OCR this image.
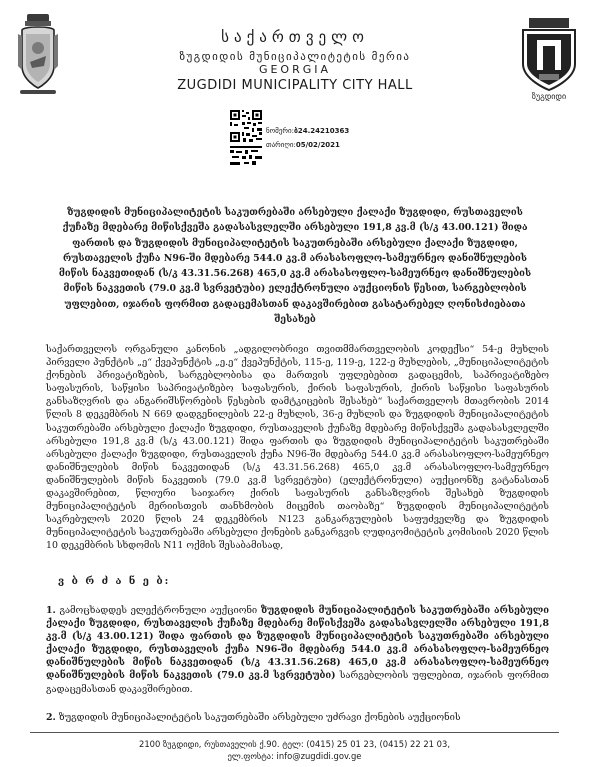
საქართველო
ზუგდიდის მუნიციპალიტეტის მერია
GEORGIA
ZUGDIDI MUNICIPALITY CITY HALL
ზუგდიდი
ნომერი:ბ24.24210363
თარიღი:05/02/2021
ზუგდიდის მუნიციპალიტეტის საკუთრებაში არსებული ქალაქი ზუგდიდი, რუსთაველის ქუჩაზე მდებარე მიწისქვეშა გადასასვლელში არსებული 191,8 კვ.მ (ს/კ 43.00.121) შიდა ფართის და ზუგდიდის მუნიციპალიტეტის საკუთრებაში არსებული ქალაქი ზუგდიდი, რუსთაველის ქუჩა N96-ში მდებარე 544.0 კვ.მ არასასოფლო-სამეურნეო დანიშნულების მიწის ნაკვეთიდან (ს/კ 43.31.56.268) 465,0 კვ.მ არასასოფლო-სამეურნეო დანიშნულების მიწის ნაკვეთის (79.0 კვ.მ სვრვეტუბი) ელექტრონული აუქციონის წესით, სარგებლობის უფლებით, იჯარის ფორმით გადაცემასთან დაკავშირებით გასატარებელ ღონისძიებათა შესახებ
საქართველოს ორგანული კანონის „ადგილობრივი თვითმმართველობის კოდექსი“ 54-ე მუხლის პირველი პუნქტის „ე“ ქვეპუნქტის „ე.ე“ ქვეპუნქტის, 115-ე, 119-ე, 122-ე მუხლების, „მუნიციპალიტეტის ქონების პრივატიზების, სარგებლობისა და მართვის უფლებებით გადაცემის, საპრივატიზებო საფასურის, საწყისი საპრივატიზებო საფასურის, ქირის საფასურის, ქირის საწყისი საფასურის განსაზღვრის და ანგარიშსწორების წესების დამტკიცების შესახებ“ საქართველოს მთავრობის 2014 წლის 8 დეკემბრის N 669 დადგენილების 22-ე მუხლის, 36-ე მუხლის და ზუგდიდის მუნიციპალიტეტის საკუთრებაში არსებული ქალაქი ზუგდიდი, რუსთაველის ქუჩაზე მდებარე მიწისქვეშა გადასასვლელში არსებული 191,8 კვ.მ (ს/კ 43.00.121) შიდა ფართის და ზუგდიდის მუნიციპალიტეტის საკუთრებაში არსებული ქალაქი ზუგდიდი, რუსთაველის ქუჩა N96-ში მდებარე 544.0 კვ.მ არასასოფლო-სამეურნეო დანიშნულების მიწის ნაკვეთიდან (ს/კ 43.31.56.268) 465,0 კვ.მ არასასოფლო-სამეურნეო დანიშნულების მიწის ნაკვეთის (79.0 კვ.მ სვრვეტუბი) (ელექტრონული) აუქციონზე გატანასთან დაკავშირებით, წლიური საიჯარო ქირის საფასურის განსაზღვრის შესახებ ზუგდიდის მუნიციპალიტეტის მერიისთვის თანხმობის მიცემის თაობაზე“ ზუგდიდის მუნიციპალიტეტის საკრებულოს 2020 წლის 24 დეკემბრის N123 განკარგულების საფუძველზე და ზუგდიდის მუნიციპალიტეტის საკუთრებაში არსებული ქონების განკარგვის ღუდიკომიტეტის კომისიის 2020 წლის 10 დეკემბრის სხდომის N11 ოქმის შესაბამისად,
ვ ბ რ ძ ა ნ ე ბ:
1. გამოცხადდეს ელექტრონული აუქციონი ზუგდიდის მუნიციპალიტეტის საკუთრებაში არსებული ქალაქი ზუგდიდი, რუსთაველის ქუჩაზე მდებარე მიწისქვეშა გადასასვლელში არსებული 191,8 კვ.მ (ს/კ 43.00.121) შიდა ფართის და ზუგდიდის მუნიციპალიტეტის საკუთრებაში არსებული ქალაქი ზუგდიდი, რუსთაველის ქუჩა N96-ში მდებარე 544.0 კვ.მ არასასოფლო-სამეურნეო დანიშნულების მიწის ნაკვეთიდან (ს/კ 43.31.56.268) 465,0 კვ.მ არასასოფლო-სამეურნეო დანიშნულების მიწის ნაკვეთის (79.0 კვ.მ სვრვეტუბი) სარგებლობის უფლებით, იჯარის ფორმით გადაცემასთან დაკავშირებით.
2. ზუგდიდის მუნიციპალიტეტის საკუთრებაში არსებული უძრავი ქონების აუქციონის
2100 ზუგდიდი, რუსთაველის ქ.90. ტელ: (0415) 25 01 23, (0415) 22 21 03,
ელ.ფოსტა: info@zugdidi.gov.ge
